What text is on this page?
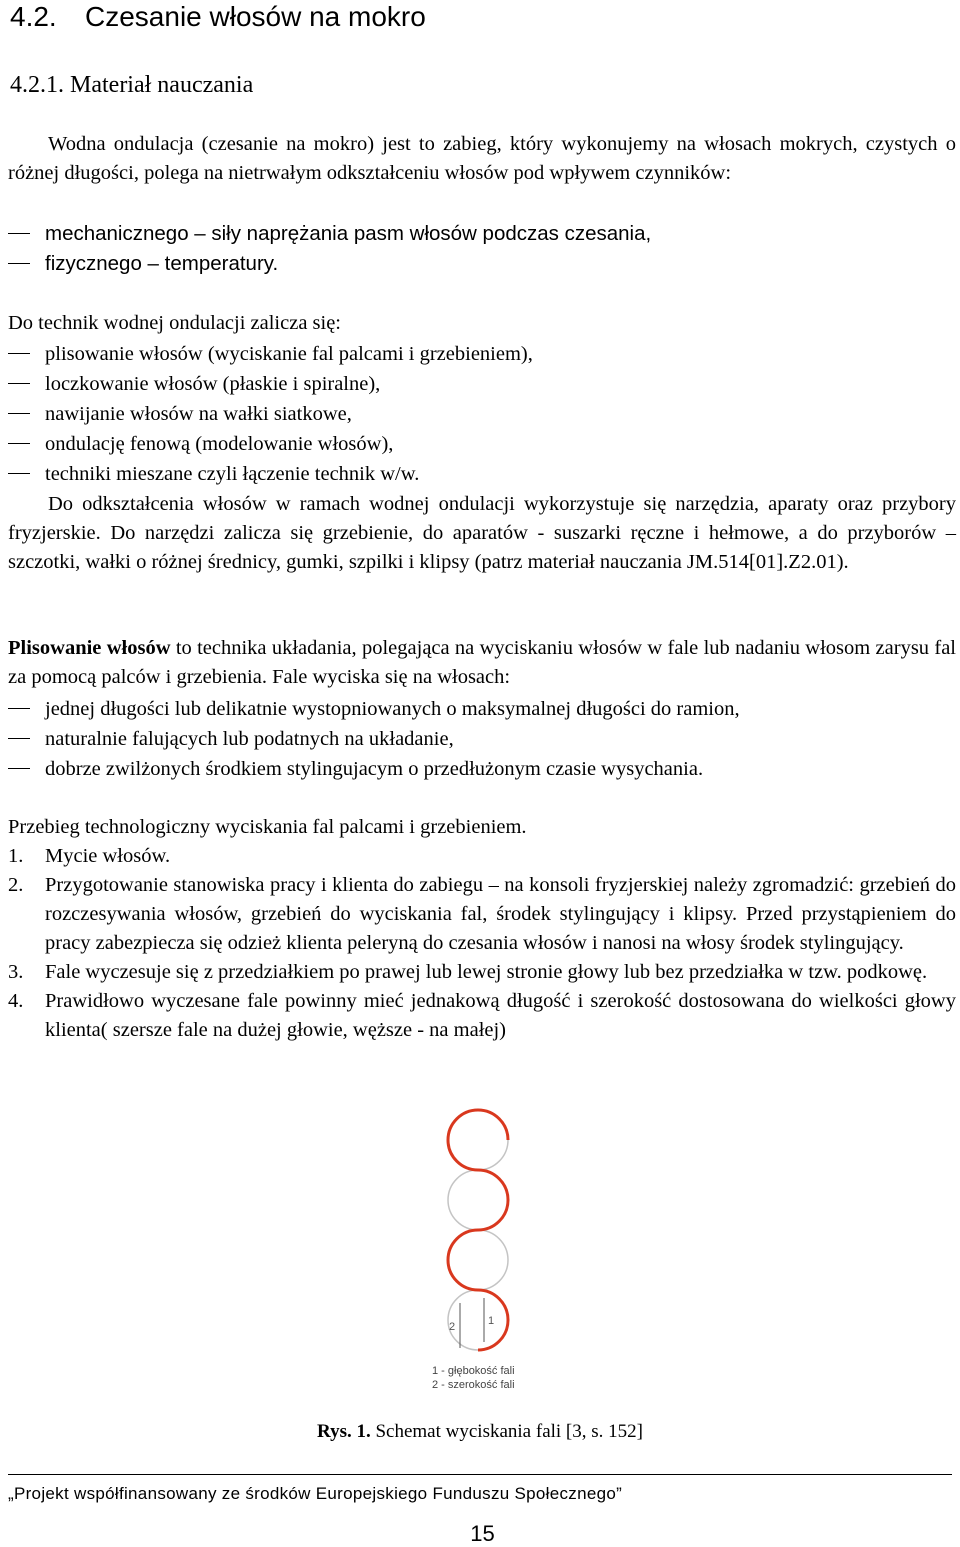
4.2. Czesanie włosów na mokro
4.2.1. Materiał nauczania

Wodna ondulacja (czesanie na mokro) jest to zabieg, który wykonujemy na włosach mokrych, czystych o różnej długości, polega na nietrwałym odkształceniu włosów pod wpływem czynników:

mechanicznego – siły naprężania pasm włosów podczas czesania,
fizycznego – temperatury.

Do technik wodnej ondulacji zalicza się:

plisowanie włosów (wyciskanie fal palcami i grzebieniem),
loczkowanie włosów (płaskie i spiralne),
nawijanie włosów na wałki siatkowe,
ondulację fenową (modelowanie włosów),
techniki mieszane czyli łączenie technik w/w.

Do odkształcenia włosów w ramach wodnej ondulacji wykorzystuje się narzędzia, aparaty oraz przybory fryzjerskie. Do narzędzi zalicza się grzebienie, do aparatów - suszarki ręczne i hełmowe, a do przyborów – szczotki, wałki o różnej średnicy, gumki, szpilki i klipsy (patrz materiał nauczania JM.514[01].Z2.01).

Plisowanie włosów to technika układania, polegająca na wyciskaniu włosów w fale lub nadaniu włosom zarysu fal za pomocą palców i grzebienia. Fale wyciska się na włosach:

jednej długości lub delikatnie wystopniowanych o maksymalnej długości do ramion,
naturalnie falujących lub podatnych na układanie,
dobrze zwilżonych środkiem stylingujacym o przedłużonym czasie wysychania.

Przebieg technologiczny wyciskania fal palcami i grzebieniem.

1. Mycie włosów.
2. Przygotowanie stanowiska pracy i klienta do zabiegu – na konsoli fryzjerskiej należy zgromadzić: grzebień do rozczesywania włosów, grzebień do wyciskania fal, środek stylingujący i klipsy. Przed przystąpieniem do pracy zabezpiecza się odzież klienta peleryną do czesania włosów i nanosi na włosy środek stylingujący.
3. Fale wyczesuje się z przedziałkiem po prawej lub lewej stronie głowy lub bez przedziałka w tzw. podkowę.
4. Prawidłowo wyczesane fale powinny mieć jednakową długość i szerokość dostosowana do wielkości głowy klienta( szersze fale na dużej głowie, węższe - na małej)
1
2
1 - głębokość fali
2 - szerokość fali

Rys. 1. Schemat wyciskania fali [3, s. 152]

„Projekt współfinansowany ze środków Europejskiego Funduszu Społecznego”

15
